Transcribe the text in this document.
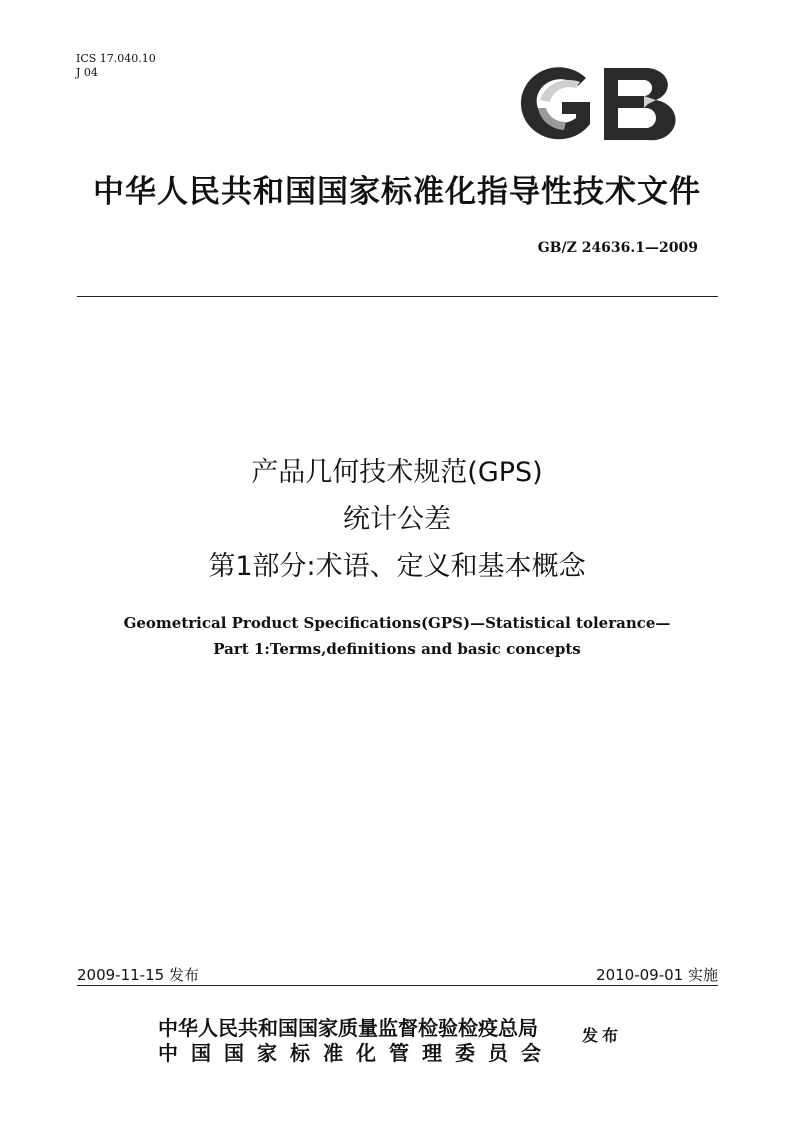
ICS 17.040.10
J 04
中华人民共和国国家标准化指导性技术文件
GB/Z 24636.1—2009
产品几何技术规范(GPS)
统计公差
第1部分:术语、定义和基本概念
Geometrical Product Specifications(GPS)—Statistical tolerance—
Part 1:Terms,definitions and basic concepts
2009-11-15 发布	2010-09-01 实施
中华人民共和国国家质量监督检验检疫总局
中国国家标准化管理委员会
发布
